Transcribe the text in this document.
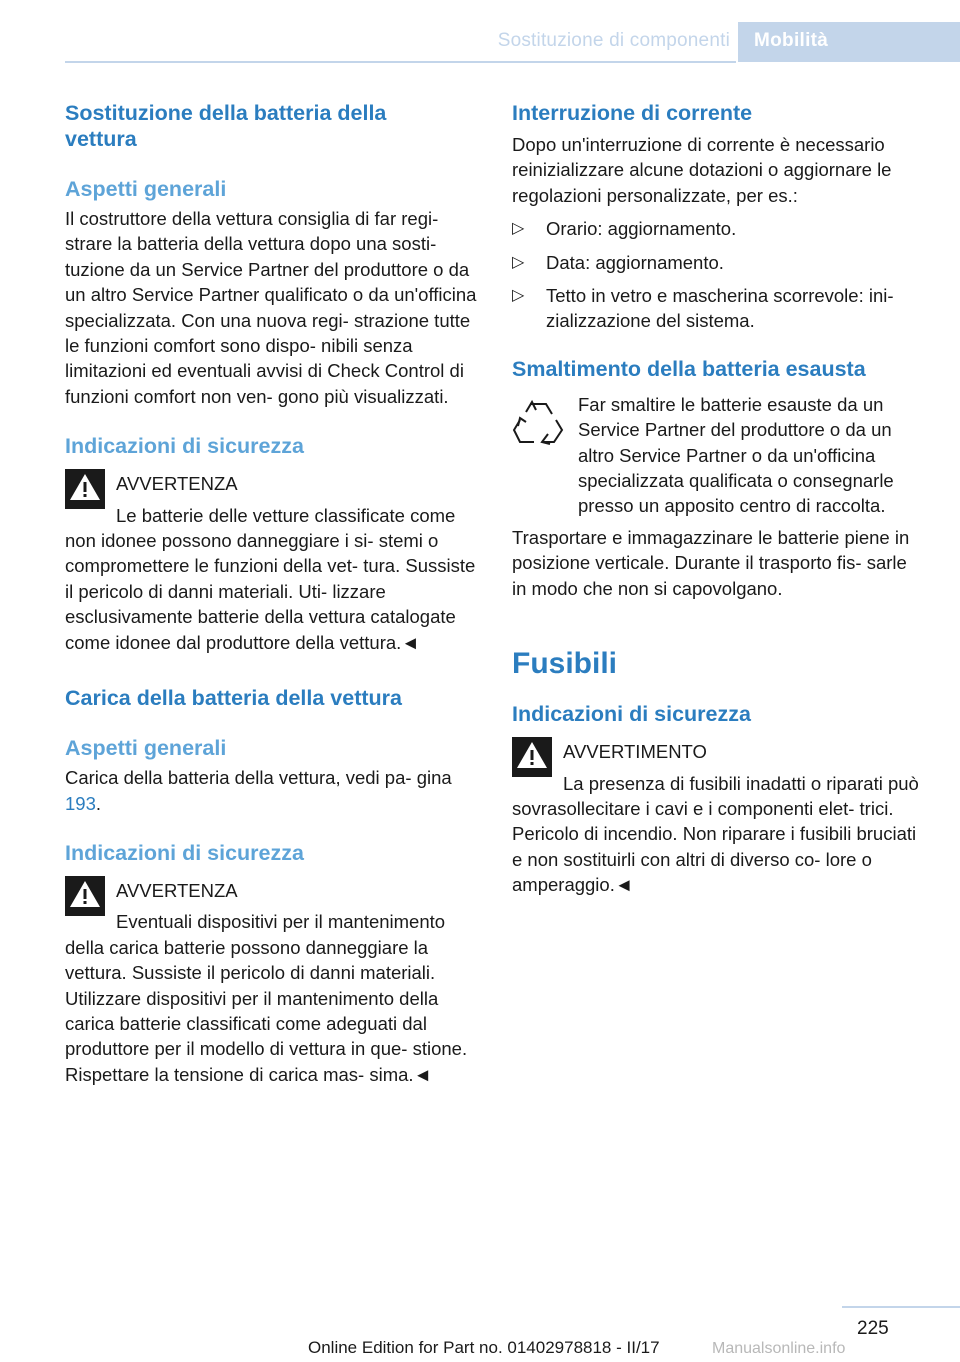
Sostituzione di componenti Mobilità
Sostituzione della batteria della vettura
Aspetti generali

Il costruttore della vettura consiglia di far regi- strare la batteria della vettura dopo una sosti- tuzione da un Service Partner del produttore o da un altro Service Partner qualificato o da un'officina specializzata. Con una nuova regi- strazione tutte le funzioni comfort sono dispo- nibili senza limitazioni ed eventuali avvisi di Check Control di funzioni comfort non ven- gono più visualizzati.

Indicazioni di sicurezza

AVVERTENZA

Le batterie delle vetture classificate come non idonee possono danneggiare i si- stemi o compromettere le funzioni della vet- tura. Sussiste il pericolo di danni materiali. Uti- lizzare esclusivamente batterie della vettura catalogate come idonee dal produttore della vettura.◄

Carica della batteria della vettura
Aspetti generali

Carica della batteria della vettura, vedi pa- gina 193.

Indicazioni di sicurezza

AVVERTENZA

Eventuali dispositivi per il mantenimento della carica batterie possono danneggiare la vettura. Sussiste il pericolo di danni materiali. Utilizzare dispositivi per il mantenimento della carica batterie classificati come adeguati dal produttore per il modello di vettura in que- stione. Rispettare la tensione di carica mas- sima.◄

Interruzione di corrente

Dopo un'interruzione di corrente è necessario reinizializzare alcune dotazioni o aggiornare le regolazioni personalizzate, per es.:

▷ Orario: aggiornamento.
▷ Data: aggiornamento.
▷ Tetto in vetro e mascherina scorrevole: ini- zializzazione del sistema.
Smaltimento della batteria esausta

Far smaltire le batterie esauste da un Service Partner del produttore o da un altro Service Partner o da un'officina specializzata qualificata o consegnarle presso un apposito centro di raccolta.

Trasportare e immagazzinare le batterie piene in posizione verticale. Durante il trasporto fis- sarle in modo che non si capovolgano.

Fusibili
Indicazioni di sicurezza

AVVERTIMENTO

La presenza di fusibili inadatti o riparati può sovrasollecitare i cavi e i componenti elet- trici. Pericolo di incendio. Non riparare i fusibili bruciati e non sostituirli con altri di diverso co- lore o amperaggio.◄

225
Online Edition for Part no. 01402978818 - II/17	Manualsonline.info
